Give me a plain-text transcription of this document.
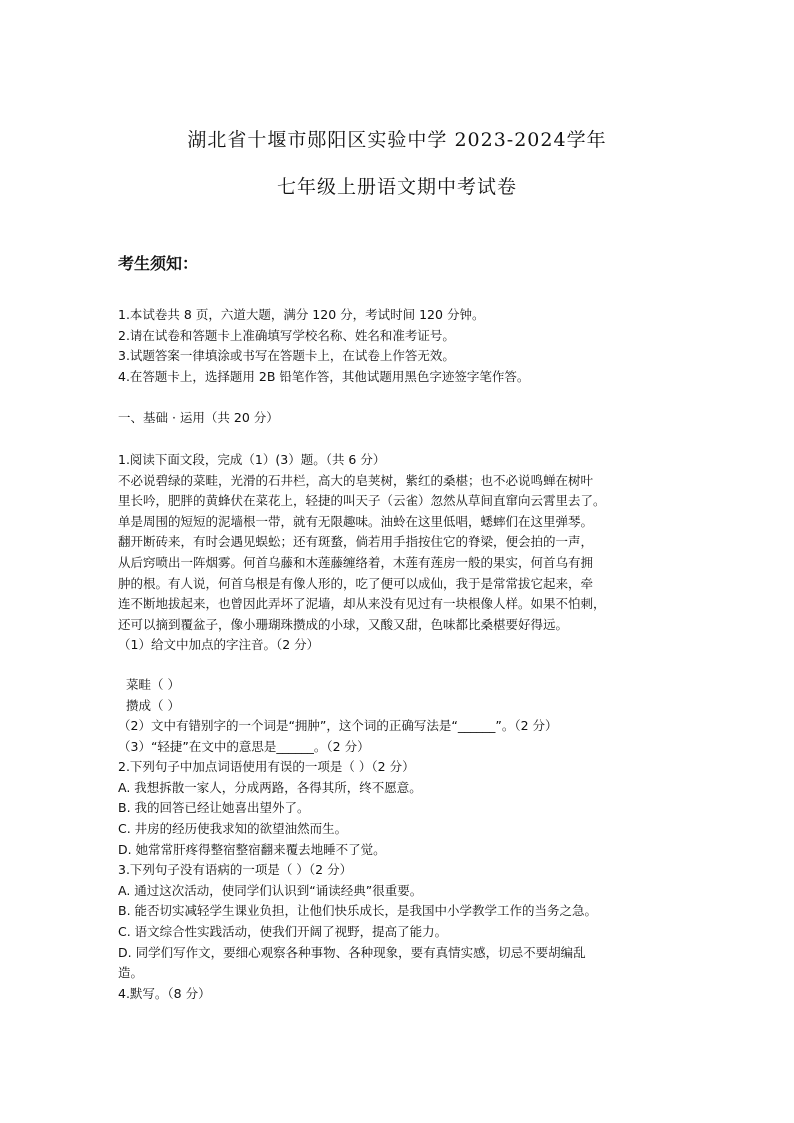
湖北省十堰市郧阳区实验中学 2023-2024学年
七年级上册语文期中考试卷
考生须知：

1.本试卷共 8 页，六道大题，满分 120 分，考试时间 120 分钟。

2.请在试卷和答题卡上准确填写学校名称、姓名和准考证号。

3.试题答案一律填涂或书写在答题卡上，在试卷上作答无效。

4.在答题卡上，选择题用 2B 铅笔作答，其他试题用黑色字迹签字笔作答。

一、基础 · 运用（共 20 分）

1.阅读下面文段，完成（1）(3）题。（共 6 分）

不必说碧绿的菜畦，光滑的石井栏，高大的皂荚树，紫红的桑椹；也不必说鸣蝉在树叶

里长吟，肥胖的黄蜂伏在菜花上，轻捷的叫天子（云雀）忽然从草间直窜向云霄里去了。

单是周围的短短的泥墙根一带，就有无限趣味。油蛉在这里低唱，蟋蟀们在这里弹琴。

翻开断砖来，有时会遇见蜈蚣；还有斑蝥，倘若用手指按住它的脊梁，便会拍的一声，

从后窍喷出一阵烟雾。何首乌藤和木莲藤缠络着，木莲有莲房一般的果实，何首乌有拥

肿的根。有人说，何首乌根是有像人形的，吃了便可以成仙，我于是常常拔它起来，牵

连不断地拔起来，也曾因此弄坏了泥墙，却从来没有见过有一块根像人样。如果不怕刺，

还可以摘到覆盆子，像小珊瑚珠攒成的小球，又酸又甜，色味都比桑椹要好得远。

（1）给文中加点的字注音。（2 分）

菜畦（ ）

攒成（ ）

（2）文中有错别字的一个词是“拥肿”，这个词的正确写法是“______”。（2 分）

（3）“轻捷”在文中的意思是______。（2 分）

2.下列句子中加点词语使用有误的一项是（ ）（2 分）

A. 我想拆散一家人，分成两路，各得其所，终不愿意。

B. 我的回答已经让她喜出望外了。

C. 井房的经历使我求知的欲望油然而生。

D. 她常常肝疼得整宿整宿翻来覆去地睡不了觉。

3.下列句子没有语病的一项是（ ）（2 分）

A. 通过这次活动，使同学们认识到“诵读经典”很重要。

B. 能否切实减轻学生课业负担，让他们快乐成长，是我国中小学教学工作的当务之急。

C. 语文综合性实践活动，使我们开阔了视野，提高了能力。

D. 同学们写作文，要细心观察各种事物、各种现象，要有真情实感，切忌不要胡编乱

造。

4.默写。（8 分）
